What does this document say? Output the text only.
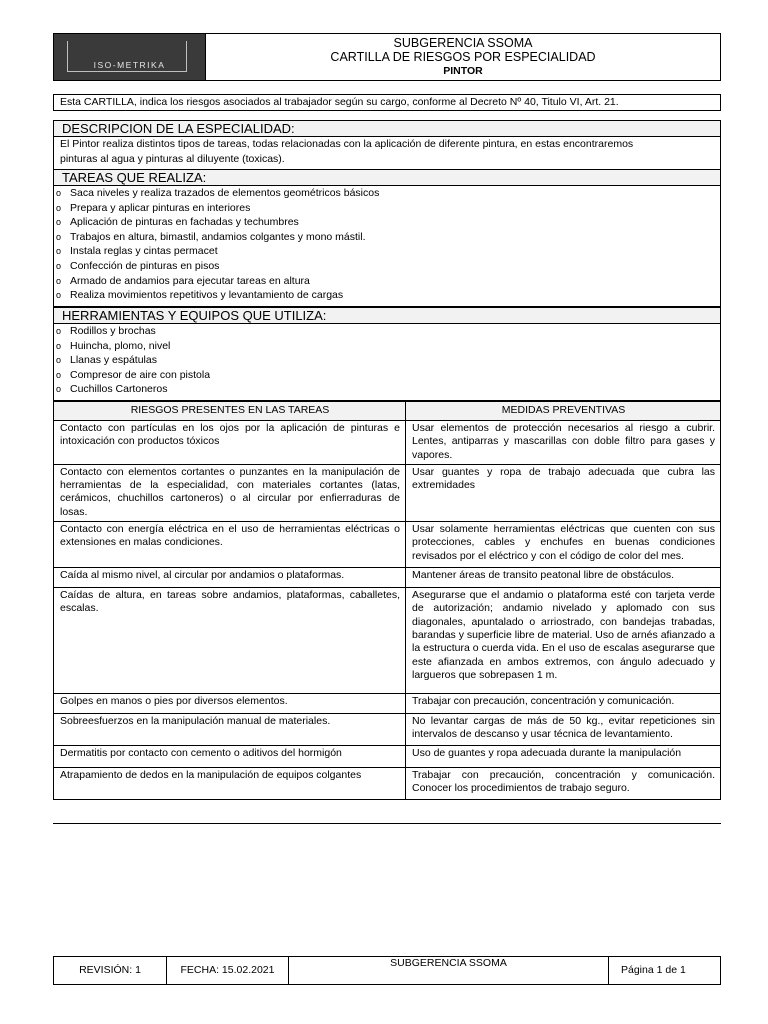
ISO-METRIKA
SUBGERENCIA SSOMA
CARTILLA DE RIESGOS POR ESPECIALIDAD
PINTOR
Esta CARTILLA, indica los riesgos asociados al trabajador según su cargo, conforme al Decreto Nº 40, Titulo VI, Art. 21.
DESCRIPCION DE LA ESPECIALIDAD:
El Pintor realiza distintos tipos de tareas, todas relacionadas con la aplicación de diferente pintura, en estas encontraremos
pinturas al agua y pinturas al diluyente (toxicas).
TAREAS QUE REALIZA:
o Saca niveles y realiza trazados de elementos geométricos básicos
o Prepara y aplicar pinturas en interiores
o Aplicación de pinturas en fachadas y techumbres
o Trabajos en altura, bimastil, andamios colgantes y mono mástil.
o Instala reglas y cintas permacet
o Confección de pinturas en pisos
o Armado de andamios para ejecutar tareas en altura
o Realiza movimientos repetitivos y levantamiento de cargas
HERRAMIENTAS Y EQUIPOS QUE UTILIZA:
o Rodillos y brochas
o Huincha, plomo, nivel
o Llanas y espátulas
o Compresor de aire con pistola
o Cuchillos Cartoneros
RIESGOS PRESENTES EN LAS TAREAS	MEDIDAS PREVENTIVAS
Contacto con partículas en los ojos por la aplicación de pinturas e intoxicación con productos tóxicos	Usar elementos de protección necesarios al riesgo a cubrir. Lentes, antiparras y mascarillas con doble filtro para gases y vapores.
Contacto con elementos cortantes o punzantes en la manipulación de herramientas de la especialidad, con materiales cortantes (latas, cerámicos, chuchillos cartoneros) o al circular por enfierraduras de losas.	Usar guantes y ropa de trabajo adecuada que cubra las extremidades
Contacto con energía eléctrica en el uso de herramientas eléctricas o extensiones en malas condiciones.	Usar solamente herramientas eléctricas que cuenten con sus protecciones, cables y enchufes en buenas condiciones revisados por el eléctrico y con el código de color del mes.
Caída al mismo nivel, al circular por andamios o plataformas.	Mantener áreas de transito peatonal libre de obstáculos.
Caídas de altura, en tareas sobre andamios, plataformas, caballetes, escalas.	Asegurarse que el andamio o plataforma esté con tarjeta verde de autorización; andamio nivelado y aplomado con sus diagonales, apuntalado o arriostrado, con bandejas trabadas, barandas y superficie libre de material. Uso de arnés afianzado a la estructura o cuerda vida. En el uso de escalas asegurarse que este afianzada en ambos extremos, con ángulo adecuado y largueros que sobrepasen 1 m.
Golpes en manos o pies por diversos elementos.	Trabajar con precaución, concentración y comunicación.
Sobreesfuerzos en la manipulación manual de materiales.	No levantar cargas de más de 50 kg., evitar repeticiones sin intervalos de descanso y usar técnica de levantamiento.
Dermatitis por contacto con cemento o aditivos del hormigón	Uso de guantes y ropa adecuada durante la manipulación
Atrapamiento de dedos en la manipulación de equipos colgantes	Trabajar con precaución, concentración y comunicación. Conocer los procedimientos de trabajo seguro.
REVISIÓN: 1	FECHA: 15.02.2021
SUBGERENCIA SSOMA
Página 1 de 1
